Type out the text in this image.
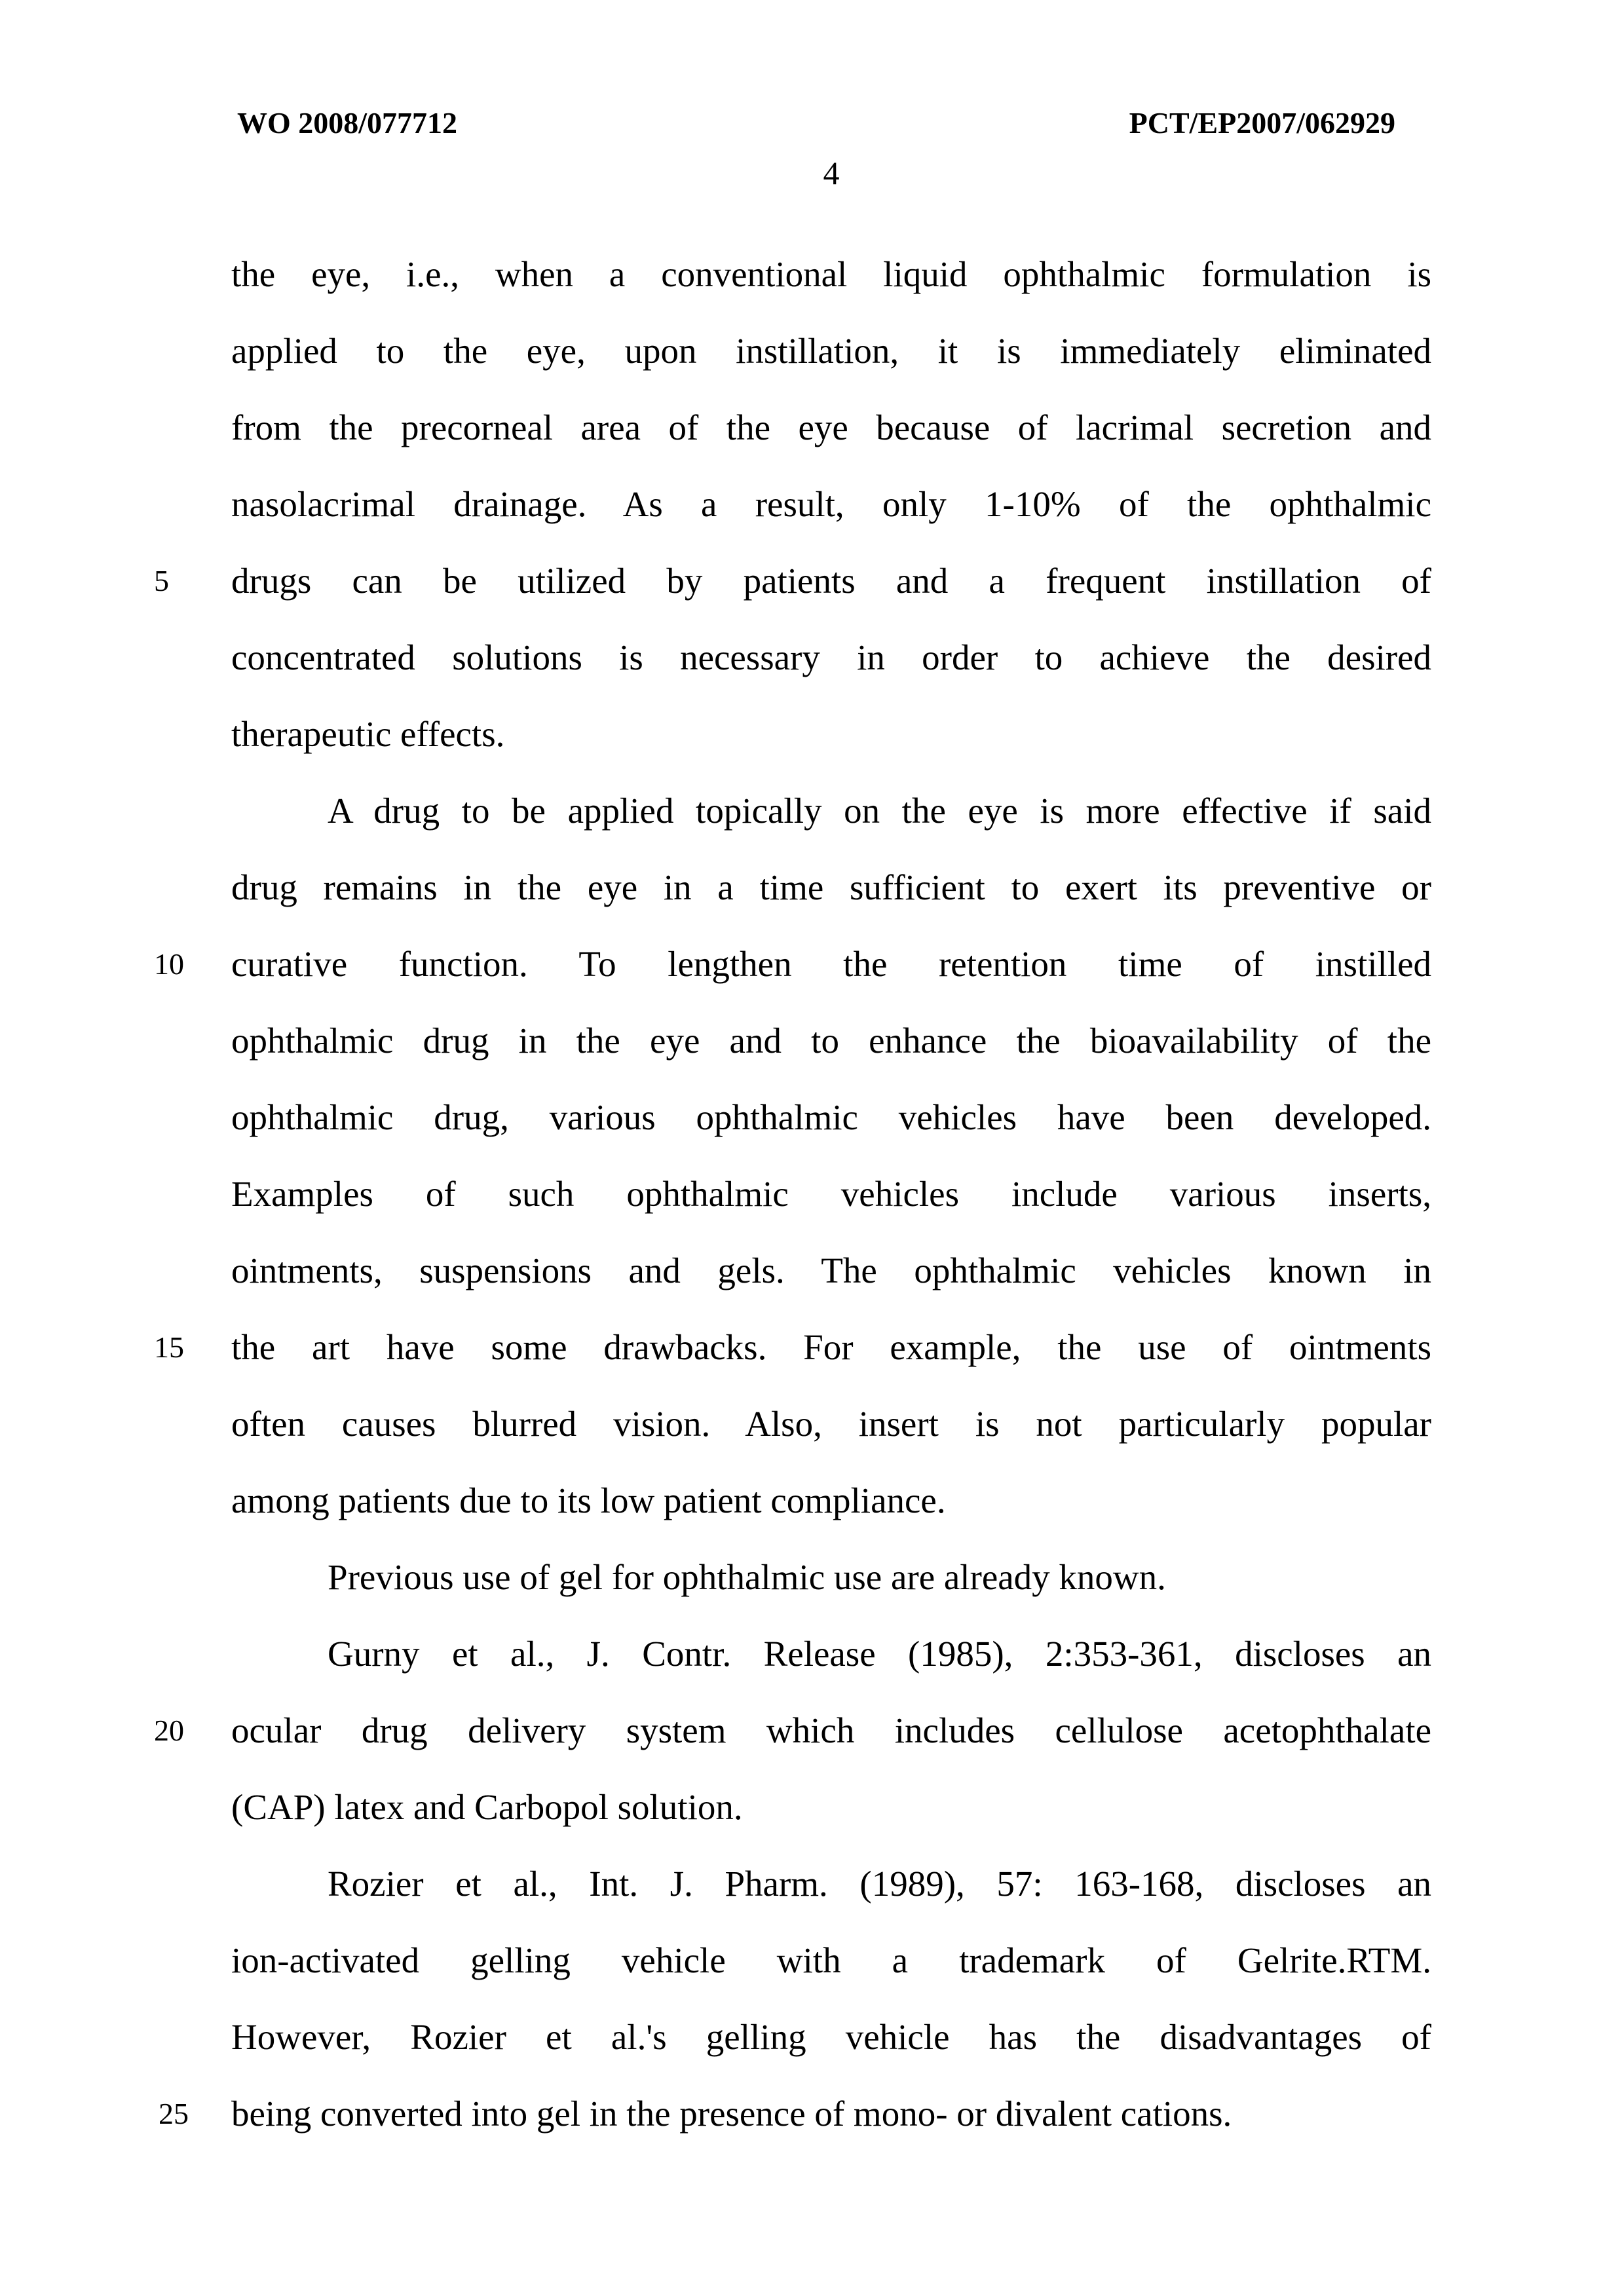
WO 2008/077712	PCT/EP2007/062929
4
the eye, i.e., when a conventional liquid ophthalmic formulation is
applied to the eye, upon instillation, it is immediately eliminated
from the precorneal area of the eye because of lacrimal secretion and
nasolacrimal drainage. As a result, only 1-10% of the ophthalmic
5	drugs can be utilized by patients and a frequent instillation of
concentrated solutions is necessary in order to achieve the desired
therapeutic effects.
A drug to be applied topically on the eye is more effective if said
drug remains in the eye in a time sufficient to exert its preventive or
10 curative function. To lengthen the retention time of instilled
ophthalmic drug in the eye and to enhance the bioavailability of the
ophthalmic drug, various ophthalmic vehicles have been developed.
Examples of such ophthalmic vehicles include various inserts,
ointments, suspensions and gels. The ophthalmic vehicles known in
15 the art have some drawbacks. For example, the use of ointments
often causes blurred vision. Also, insert is not particularly popular
among patients due to its low patient compliance.
Previous use of gel for ophthalmic use are already known.
Gurny et al., J. Contr. Release (1985), 2:353-361, discloses an
20 ocular drug delivery system which includes cellulose acetophthalate
(CAP) latex and Carbopol solution.
Rozier et al., Int. J. Pharm. (1989), 57: 163-168, discloses an
ion-activated gelling vehicle with a trademark of Gelrite.RTM.
However, Rozier et al.'s gelling vehicle has the disadvantages of
25 being converted into gel in the presence of mono- or divalent cations.
